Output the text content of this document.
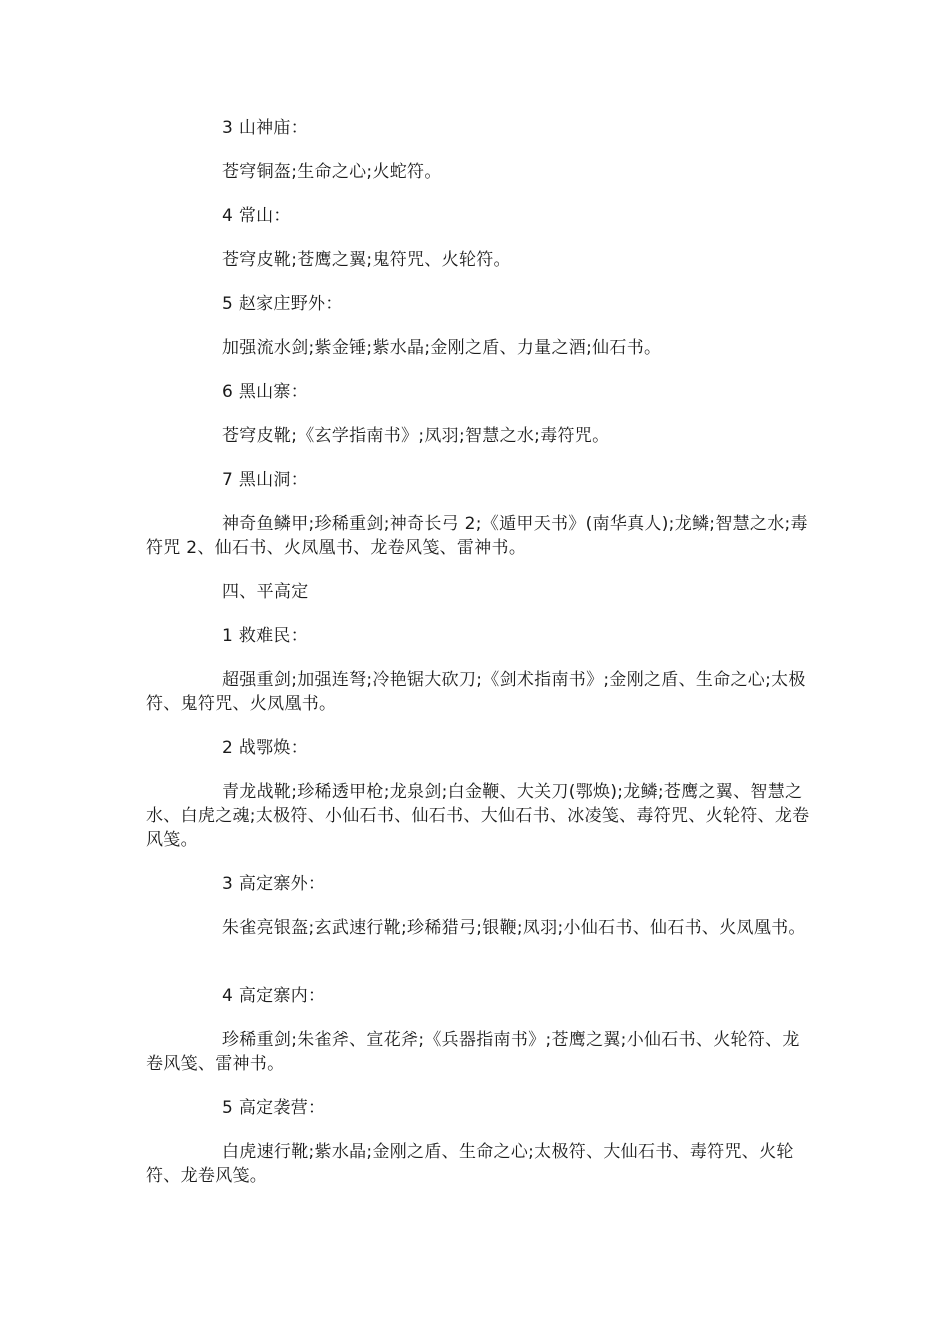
3 山神庙：

苍穹铜盔;生命之心;火蛇符。

4 常山：

苍穹皮靴;苍鹰之翼;鬼符咒、火轮符。

5 赵家庄野外：

加强流水剑;紫金锤;紫水晶;金刚之盾、力量之酒;仙石书。

6 黑山寨：

苍穹皮靴;《玄学指南书》;凤羽;智慧之水;毒符咒。

7 黑山洞：

神奇鱼鳞甲;珍稀重剑;神奇长弓 2;《遁甲天书》(南华真人);龙鳞;智慧之水;毒符咒 2、仙石书、火凤凰书、龙卷风笺、雷神书。

四、平高定

1 救难民：

超强重剑;加强连弩;冷艳锯大砍刀;《剑术指南书》;金刚之盾、生命之心;太极符、鬼符咒、火凤凰书。

2 战鄂焕：

青龙战靴;珍稀透甲枪;龙泉剑;白金鞭、大关刀(鄂焕);龙鳞;苍鹰之翼、智慧之水、白虎之魂;太极符、小仙石书、仙石书、大仙石书、冰凌笺、毒符咒、火轮符、龙卷风笺。

3 高定寨外：

朱雀亮银盔;玄武速行靴;珍稀猎弓;银鞭;凤羽;小仙石书、仙石书、火凤凰书。

4 高定寨内：

珍稀重剑;朱雀斧、宣花斧;《兵器指南书》;苍鹰之翼;小仙石书、火轮符、龙卷风笺、雷神书。

5 高定袭营：

白虎速行靴;紫水晶;金刚之盾、生命之心;太极符、大仙石书、毒符咒、火轮符、龙卷风笺。
